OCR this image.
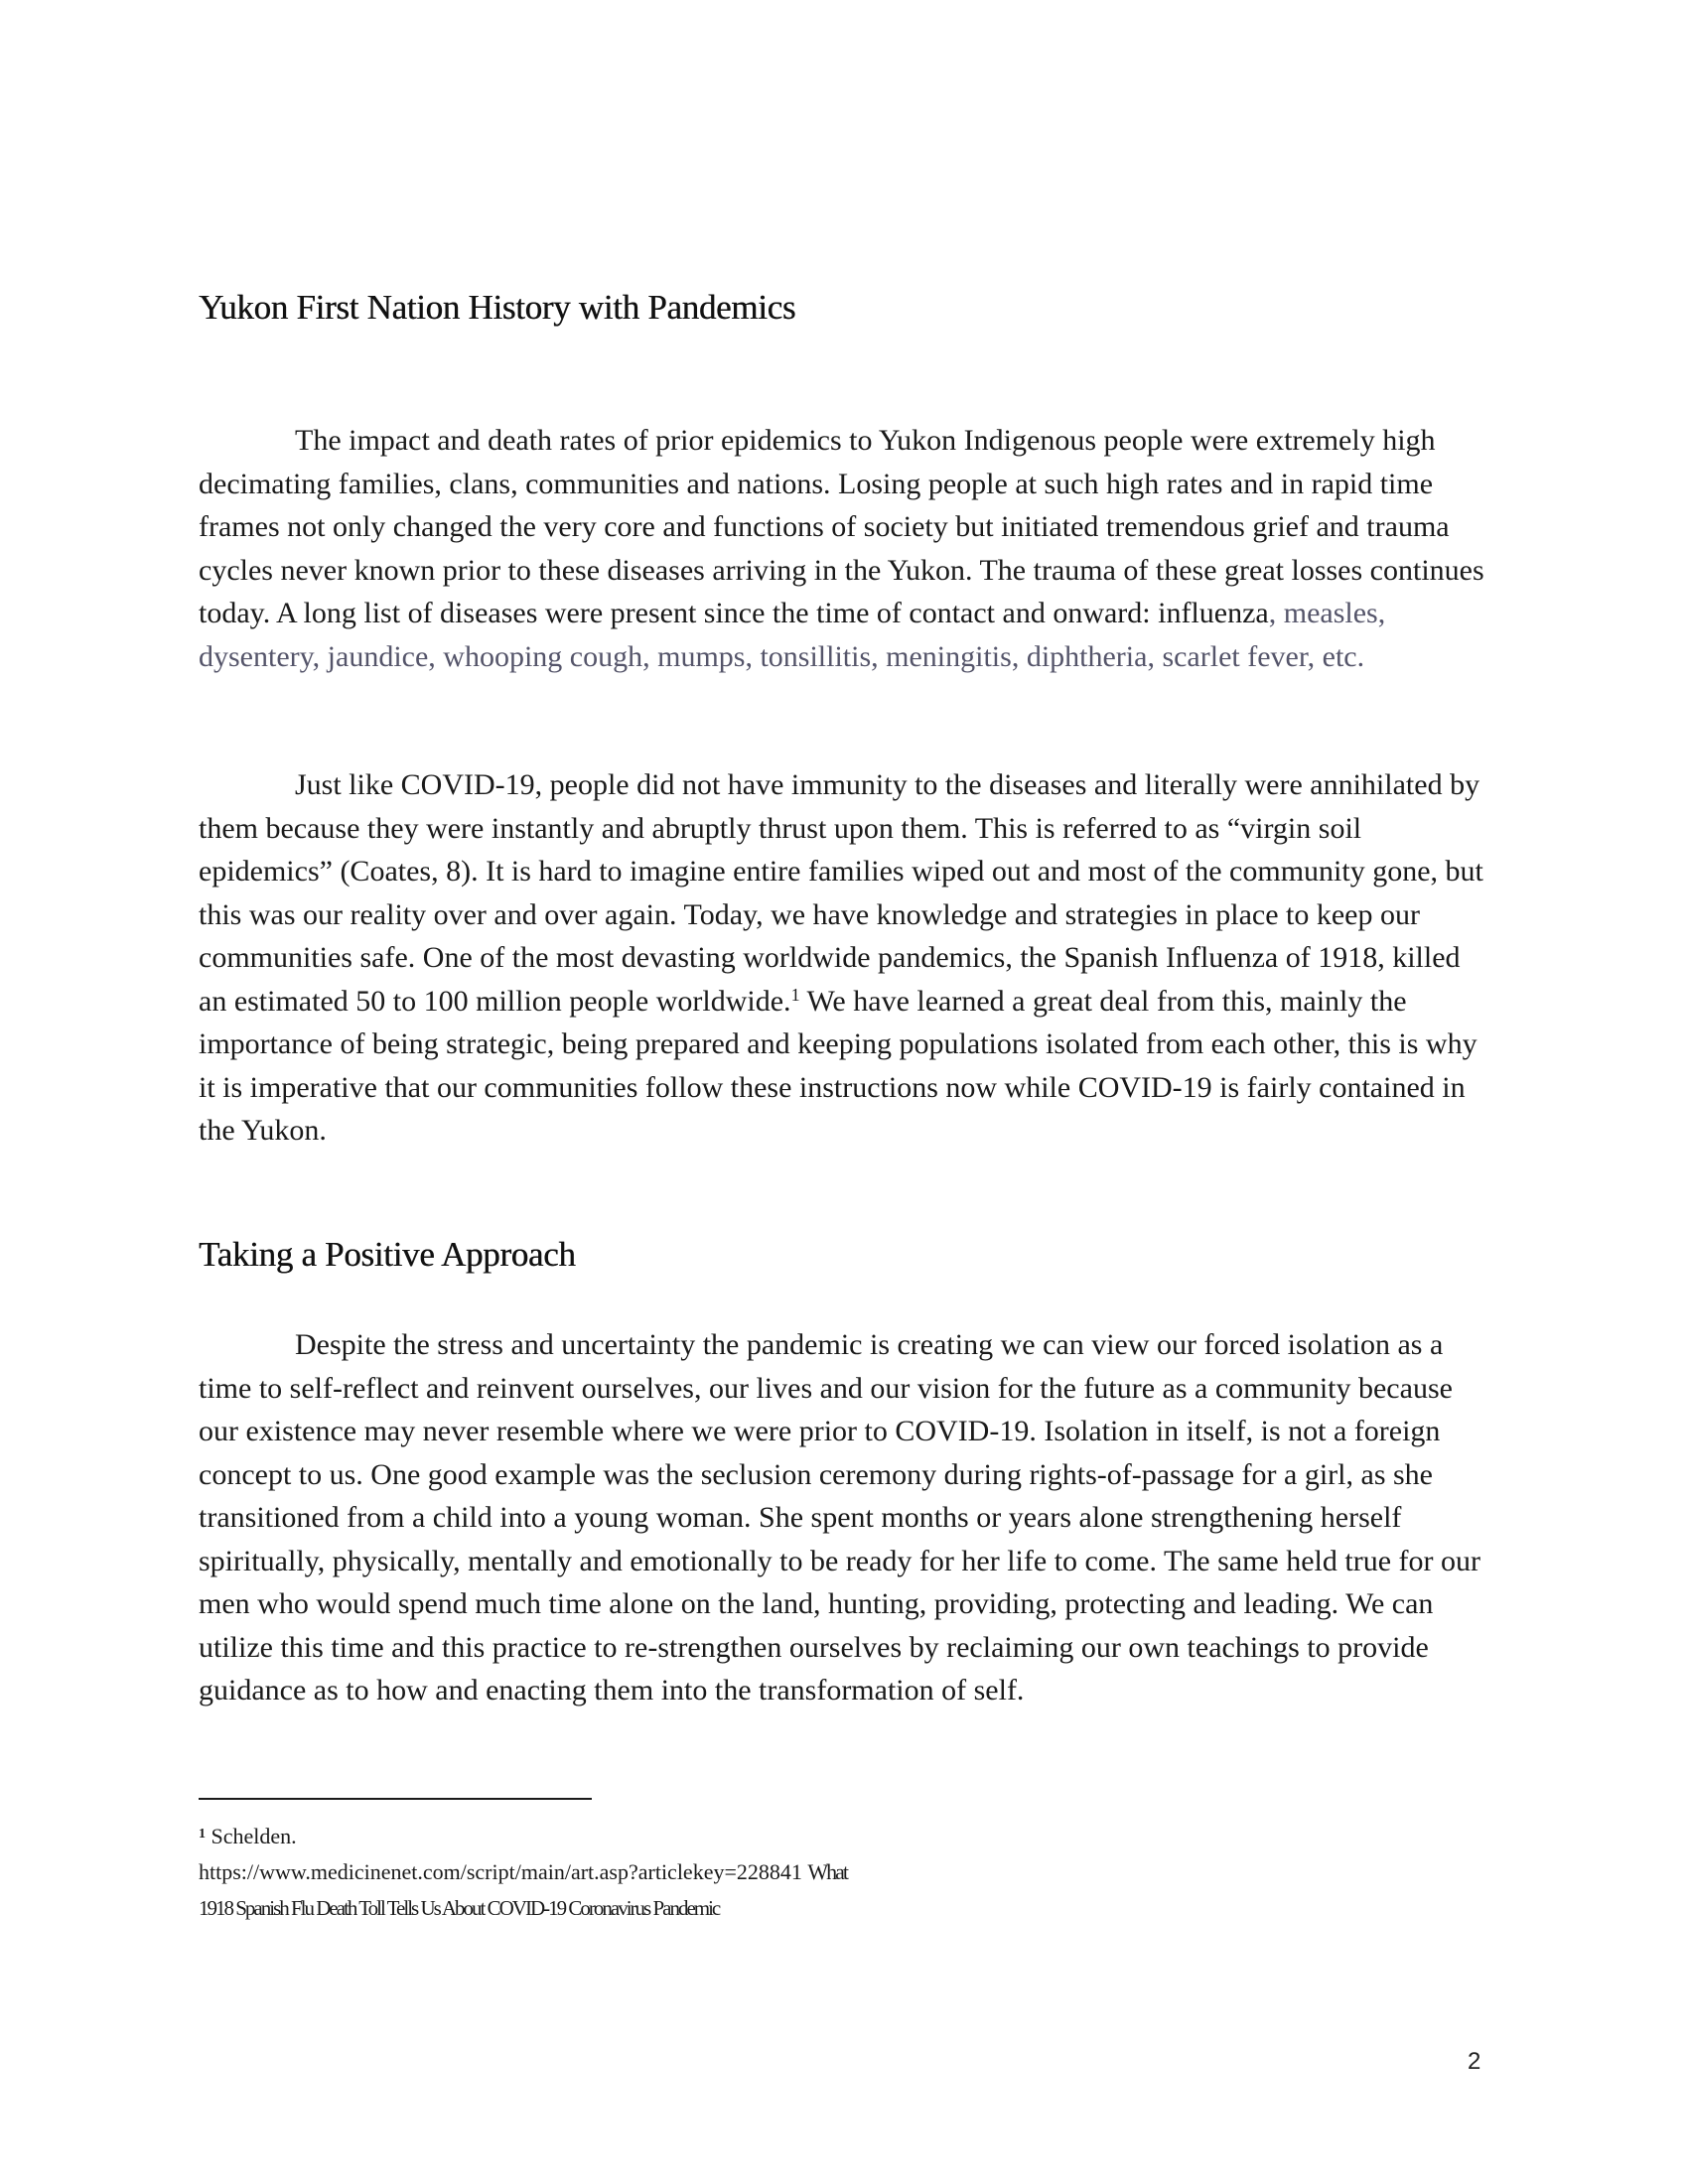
Yukon First Nation History with Pandemics

The impact and death rates of prior epidemics to Yukon Indigenous people were extremely high decimating families, clans, communities and nations. Losing people at such high rates and in rapid time frames not only changed the very core and functions of society but initiated tremendous grief and trauma cycles never known prior to these diseases arriving in the Yukon. The trauma of these great losses continues today. A long list of diseases were present since the time of contact and onward: influenza, measles, dysentery, jaundice, whooping cough, mumps, tonsillitis, meningitis, diphtheria, scarlet fever, etc.

Just like COVID-19, people did not have immunity to the diseases and literally were annihilated by them because they were instantly and abruptly thrust upon them. This is referred to as “virgin soil epidemics” (Coates, 8). It is hard to imagine entire families wiped out and most of the community gone, but this was our reality over and over again. Today, we have knowledge and strategies in place to keep our communities safe. One of the most devasting worldwide pandemics, the Spanish Influenza of 1918, killed an estimated 50 to 100 million people worldwide.$^1$ We have learned a great deal from this, mainly the importance of being strategic, being prepared and keeping populations isolated from each other, this is why it is imperative that our communities follow these instructions now while COVID-19 is fairly contained in the Yukon.

Taking a Positive Approach

Despite the stress and uncertainty the pandemic is creating we can view our forced isolation as a time to self-reflect and reinvent ourselves, our lives and our vision for the future as a community because our existence may never resemble where we were prior to COVID-19. Isolation in itself, is not a foreign concept to us. One good example was the seclusion ceremony during rights-of-passage for a girl, as she transitioned from a child into a young woman. She spent months or years alone strengthening herself spiritually, physically, mentally and emotionally to be ready for her life to come. The same held true for our men who would spend much time alone on the land, hunting, providing, protecting and leading. We can utilize this time and this practice to re-strengthen ourselves by reclaiming our own teachings to provide guidance as to how and enacting them into the transformation of self.

$^1$ Schelden.

https://www.medicinenet.com/script/main/art.asp?articlekey=228841 What

1918 Spanish Flu Death Toll Tells Us About COVID-19 Coronavirus Pandemic

2
